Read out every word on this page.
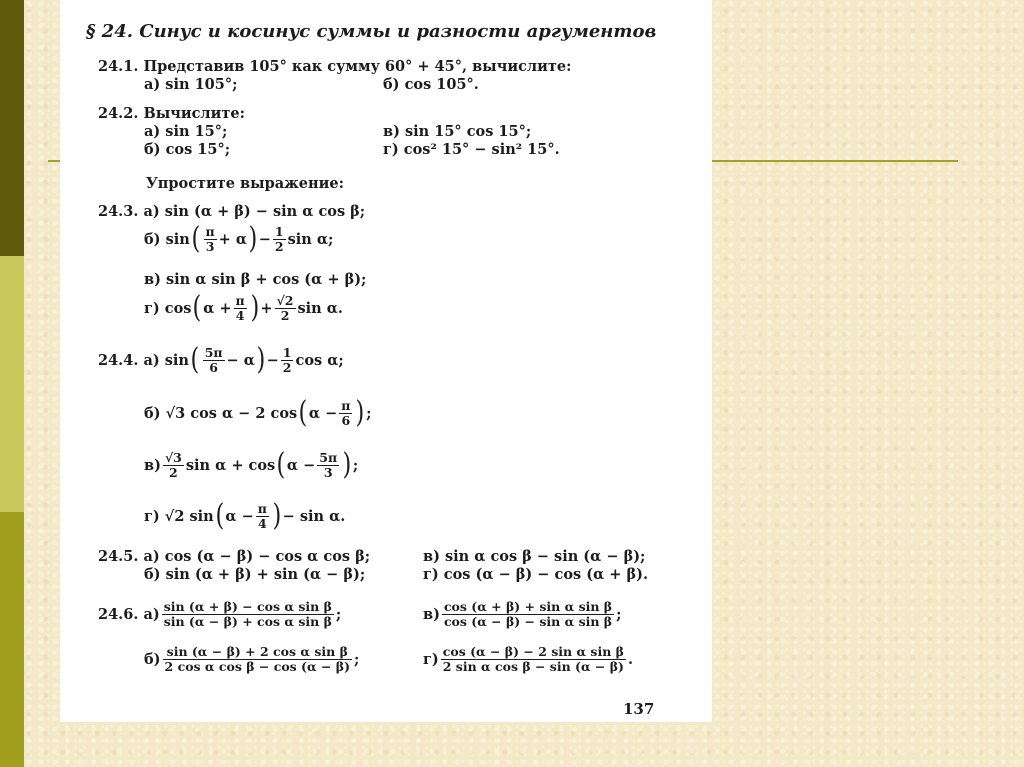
§ 24. Синус и косинус суммы и разности аргументов
24.1. Представив 105° как сумму 60° + 45°, вычислите:
а) sin 105°;	б) cos 105°.
24.2. Вычислите:
а) sin 15°;	в) sin 15° cos 15°;
б) cos 15°;	г) cos² 15° − sin² 15°.
Упростите выражение:
24.3. а) sin (α + β) − sin α cos β;
б) sin ( $\frac{\pi}{3} + \alpha$ ) − $\frac{1}{2}$ sin α;
в) sin α sin β + cos (α + β);
г) cos ( $\alpha + \frac{\pi}{4}$ ) + $\frac{√2}{2}$ sin α.
24.4.
а) sin ( $\frac{5\pi}{6} - \alpha$ ) − $\frac{1}{2}$ cos α;
б) √3 cos α − 2 cos ( $\alpha - \frac{\pi}{6}$ ) ;
$в) \frac{√3}{2}$ sin α + cos ( $\alpha - \frac{5\pi}{3}$ ) ;
г) √2 sin ( $\alpha - \frac{\pi}{4}$ ) − sin α.
24.5. а) cos (α − β) − cos α cos β;	в) sin α cos β − sin (α − β);
б) sin (α + β) + sin (α − β);	г) cos (α − β) − cos (α + β).
24.6.
$а) \frac{\text{sin (α + β) − cos α sin β}}{\text{sin (α − β) + cos α sin β}}$ ;	$в) \frac{\text{cos (α + β) + sin α sin β}}{\text{cos (α − β) − sin α sin β}}$ ;
$б) \frac{\text{sin (α − β) + 2 cos α sin β}}{\text{2 cos α cos β − cos (α − β)}}$ ;	$г) \frac{\text{cos (α − β) − 2 sin α sin β}}{\text{2 sin α cos β − sin (α − β)}}$ .
137
